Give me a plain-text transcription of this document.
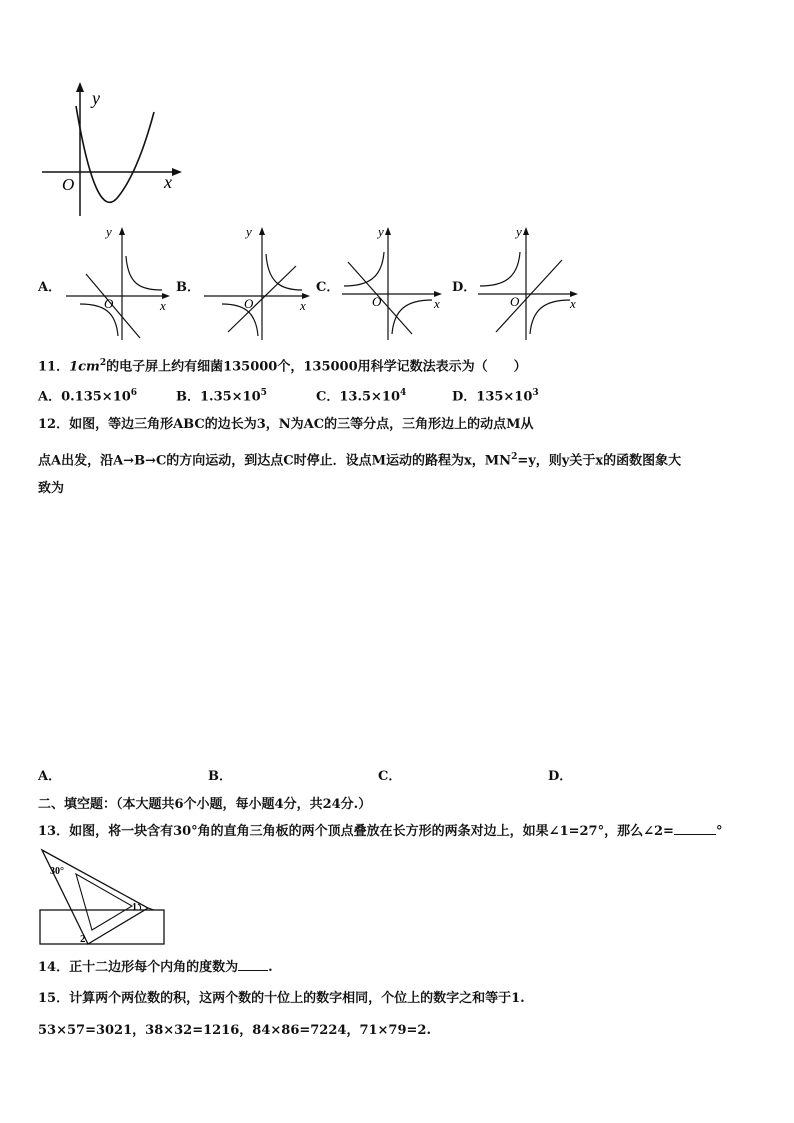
y
x
O
A．
y
x
O
B．
y
x
O
C．
y
x
O
D．
y
x
O
11．$1cm^2$的电子屏上约有细菌135000个，135000用科学记数法表示为（　　）
A．$0.135\times 10^6$	B．$1.35\times 10^5$	C．$13.5\times 10^4$	D．$135\times 10^3$
12．如图，等边三角形ABC的边长为3，N为AC的三等分点，三角形边上的动点M从
点A出发，沿A→B→C的方向运动，到达点C时停止．设点M运动的路程为x，$MN^2=y$，则y关于x的函数图象大
致为
A．	B．	C．	D．
二、填空题：（本大题共6个小题，每小题4分，共24分.）
13．如图，将一块含有30°角的直角三角板的两个顶点叠放在长方形的两条对边上，如果∠1=27°，那么∠2=	°
30°
1
2
14．正十二边形每个内角的度数为 .
15．计算两个两位数的积，这两个数的十位上的数字相同，个位上的数字之和等于1.
53×57=3021，38×32=1216，84×86=7224，71×79=2.
